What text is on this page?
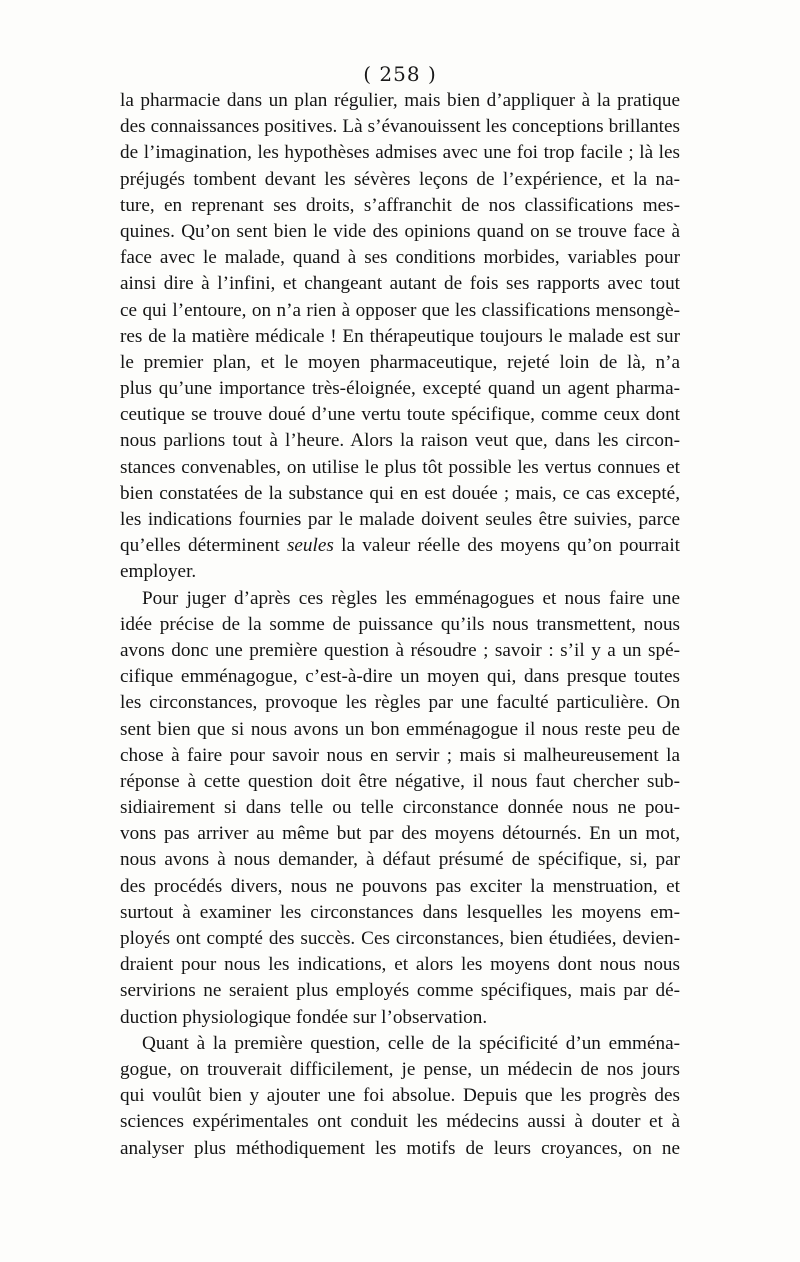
( 258 )
la pharmacie dans un plan régulier, mais bien d’appliquer à la pratique
des connaissances positives. Là s’évanouissent les conceptions brillantes
de l’imagination, les hypothèses admises avec une foi trop facile ; là les
préjugés tombent devant les sévères leçons de l’expérience, et la na-
ture, en reprenant ses droits, s’affranchit de nos classifications mes-
quines. Qu’on sent bien le vide des opinions quand on se trouve face à
face avec le malade, quand à ses conditions morbides, variables pour
ainsi dire à l’infini, et changeant autant de fois ses rapports avec tout
ce qui l’entoure, on n’a rien à opposer que les classifications mensongè-
res de la matière médicale ! En thérapeutique toujours le malade est sur
le premier plan, et le moyen pharmaceutique, rejeté loin de là, n’a
plus qu’une importance très-éloignée, excepté quand un agent pharma-
ceutique se trouve doué d’une vertu toute spécifique, comme ceux dont
nous parlions tout à l’heure. Alors la raison veut que, dans les circon-
stances convenables, on utilise le plus tôt possible les vertus connues et
bien constatées de la substance qui en est douée ; mais, ce cas excepté,
les indications fournies par le malade doivent seules être suivies, parce
qu’elles déterminent seules la valeur réelle des moyens qu’on pourrait
employer.
Pour juger d’après ces règles les emménagogues et nous faire une
idée précise de la somme de puissance qu’ils nous transmettent, nous
avons donc une première question à résoudre ; savoir : s’il y a un spé-
cifique emménagogue, c’est-à-dire un moyen qui, dans presque toutes
les circonstances, provoque les règles par une faculté particulière. On
sent bien que si nous avons un bon emménagogue il nous reste peu de
chose à faire pour savoir nous en servir ; mais si malheureusement la
réponse à cette question doit être négative, il nous faut chercher sub-
sidiairement si dans telle ou telle circonstance donnée nous ne pou-
vons pas arriver au même but par des moyens détournés. En un mot,
nous avons à nous demander, à défaut présumé de spécifique, si, par
des procédés divers, nous ne pouvons pas exciter la menstruation, et
surtout à examiner les circonstances dans lesquelles les moyens em-
ployés ont compté des succès. Ces circonstances, bien étudiées, devien-
draient pour nous les indications, et alors les moyens dont nous nous
servirions ne seraient plus employés comme spécifiques, mais par dé-
duction physiologique fondée sur l’observation.
Quant à la première question, celle de la spécificité d’un emména-
gogue, on trouverait difficilement, je pense, un médecin de nos jours
qui voulût bien y ajouter une foi absolue. Depuis que les progrès des
sciences expérimentales ont conduit les médecins aussi à douter et à
analyser plus méthodiquement les motifs de leurs croyances, on ne
